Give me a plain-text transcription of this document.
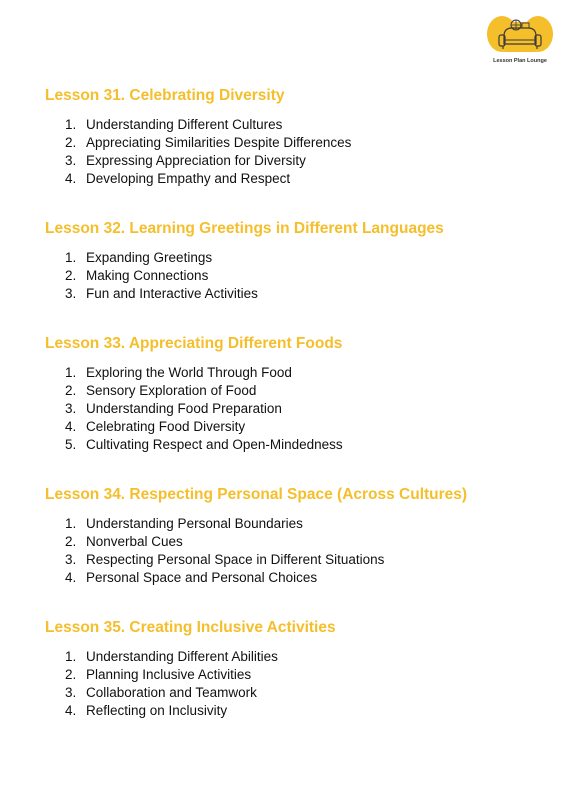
Lesson Plan Lounge
Lesson 31. Celebrating Diversity
1. Understanding Different Cultures
2. Appreciating Similarities Despite Differences
3. Expressing Appreciation for Diversity
4. Developing Empathy and Respect
Lesson 32. Learning Greetings in Different Languages
1. Expanding Greetings
2. Making Connections
3. Fun and Interactive Activities
Lesson 33. Appreciating Different Foods
1. Exploring the World Through Food
2. Sensory Exploration of Food
3. Understanding Food Preparation
4. Celebrating Food Diversity
5. Cultivating Respect and Open-Mindedness
Lesson 34. Respecting Personal Space (Across Cultures)
1. Understanding Personal Boundaries
2. Nonverbal Cues
3. Respecting Personal Space in Different Situations
4. Personal Space and Personal Choices
Lesson 35. Creating Inclusive Activities
1. Understanding Different Abilities
2. Planning Inclusive Activities
3. Collaboration and Teamwork
4. Reflecting on Inclusivity
